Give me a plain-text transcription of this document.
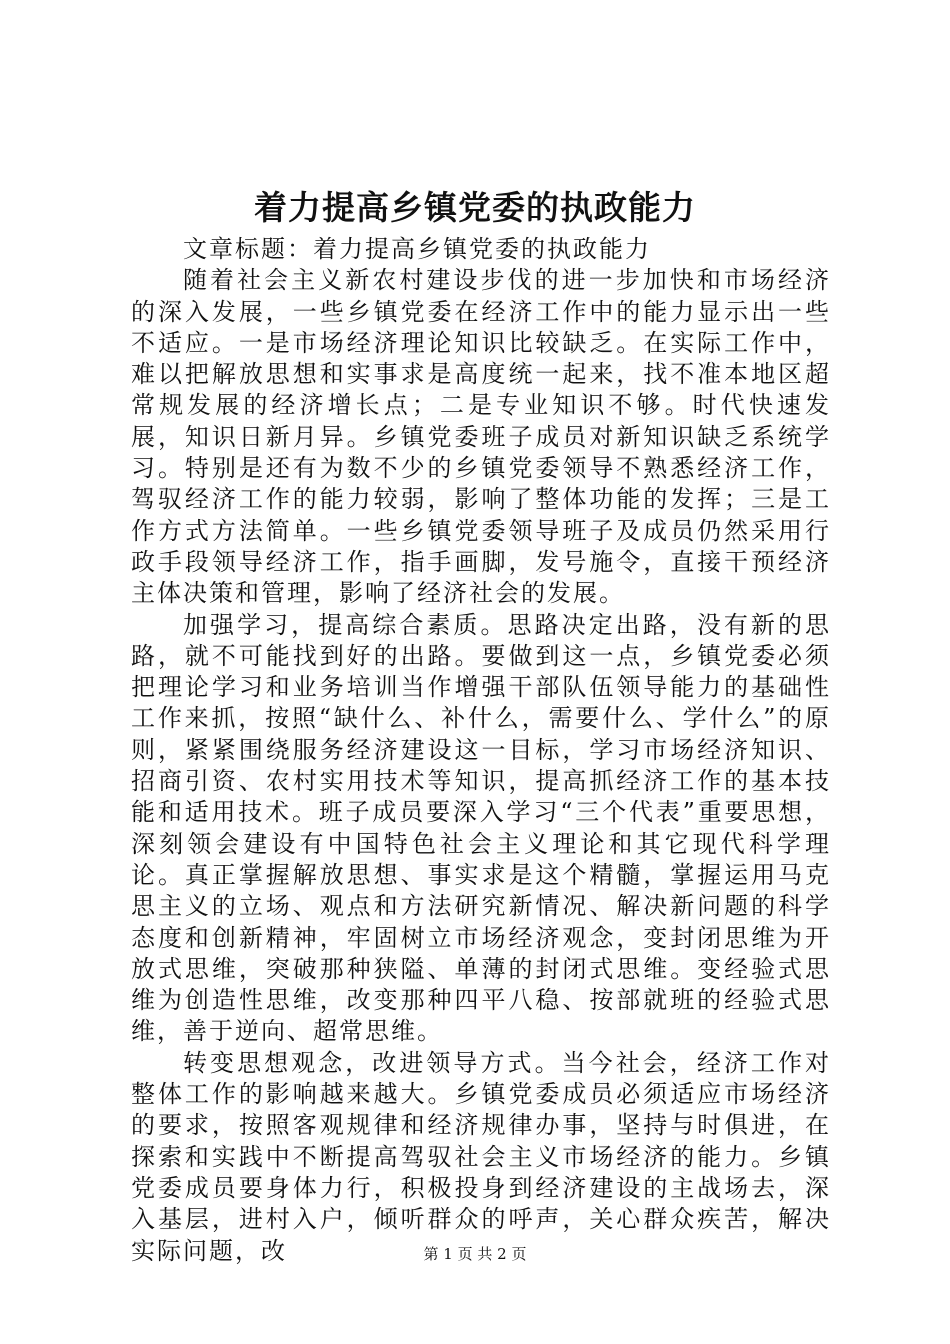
着力提高乡镇党委的执政能力

文章标题：着力提高乡镇党委的执政能力

随着社会主义新农村建设步伐的进一步加快和市场经济的深入发展，一些乡镇党委在经济工作中的能力显示出一些不适应。一是市场经济理论知识比较缺乏。在实际工作中，难以把解放思想和实事求是高度统一起来，找不准本地区超常规发展的经济增长点；二是专业知识不够。时代快速发展，知识日新月异。乡镇党委班子成员对新知识缺乏系统学习。特别是还有为数不少的乡镇党委领导不熟悉经济工作，驾驭经济工作的能力较弱，影响了整体功能的发挥；三是工作方式方法简单。一些乡镇党委领导班子及成员仍然采用行政手段领导经济工作，指手画脚，发号施令，直接干预经济主体决策和管理，影响了经济社会的发展。

加强学习，提高综合素质。思路决定出路，没有新的思路，就不可能找到好的出路。要做到这一点，乡镇党委必须把理论学习和业务培训当作增强干部队伍领导能力的基础性工作来抓，按照“缺什么、补什么，需要什么、学什么”的原则，紧紧围绕服务经济建设这一目标，学习市场经济知识、招商引资、农村实用技术等知识，提高抓经济工作的基本技能和适用技术。班子成员要深入学习“三个代表”重要思想，深刻领会建设有中国特色社会主义理论和其它现代科学理论。真正掌握解放思想、事实求是这个精髓，掌握运用马克思主义的立场、观点和方法研究新情况、解决新问题的科学态度和创新精神，牢固树立市场经济观念，变封闭思维为开放式思维，突破那种狭隘、单薄的封闭式思维。变经验式思维为创造性思维，改变那种四平八稳、按部就班的经验式思维，善于逆向、超常思维。

转变思想观念，改进领导方式。当今社会，经济工作对整体工作的影响越来越大。乡镇党委成员必须适应市场经济的要求，按照客观规律和经济规律办事，坚持与时俱进，在探索和实践中不断提高驾驭社会主义市场经济的能力。乡镇党委成员要身体力行，积极投身到经济建设的主战场去，深入基层，进村入户，倾听群众的呼声，关心群众疾苦，解决实际问题，改	第 1 页 共 2 页
